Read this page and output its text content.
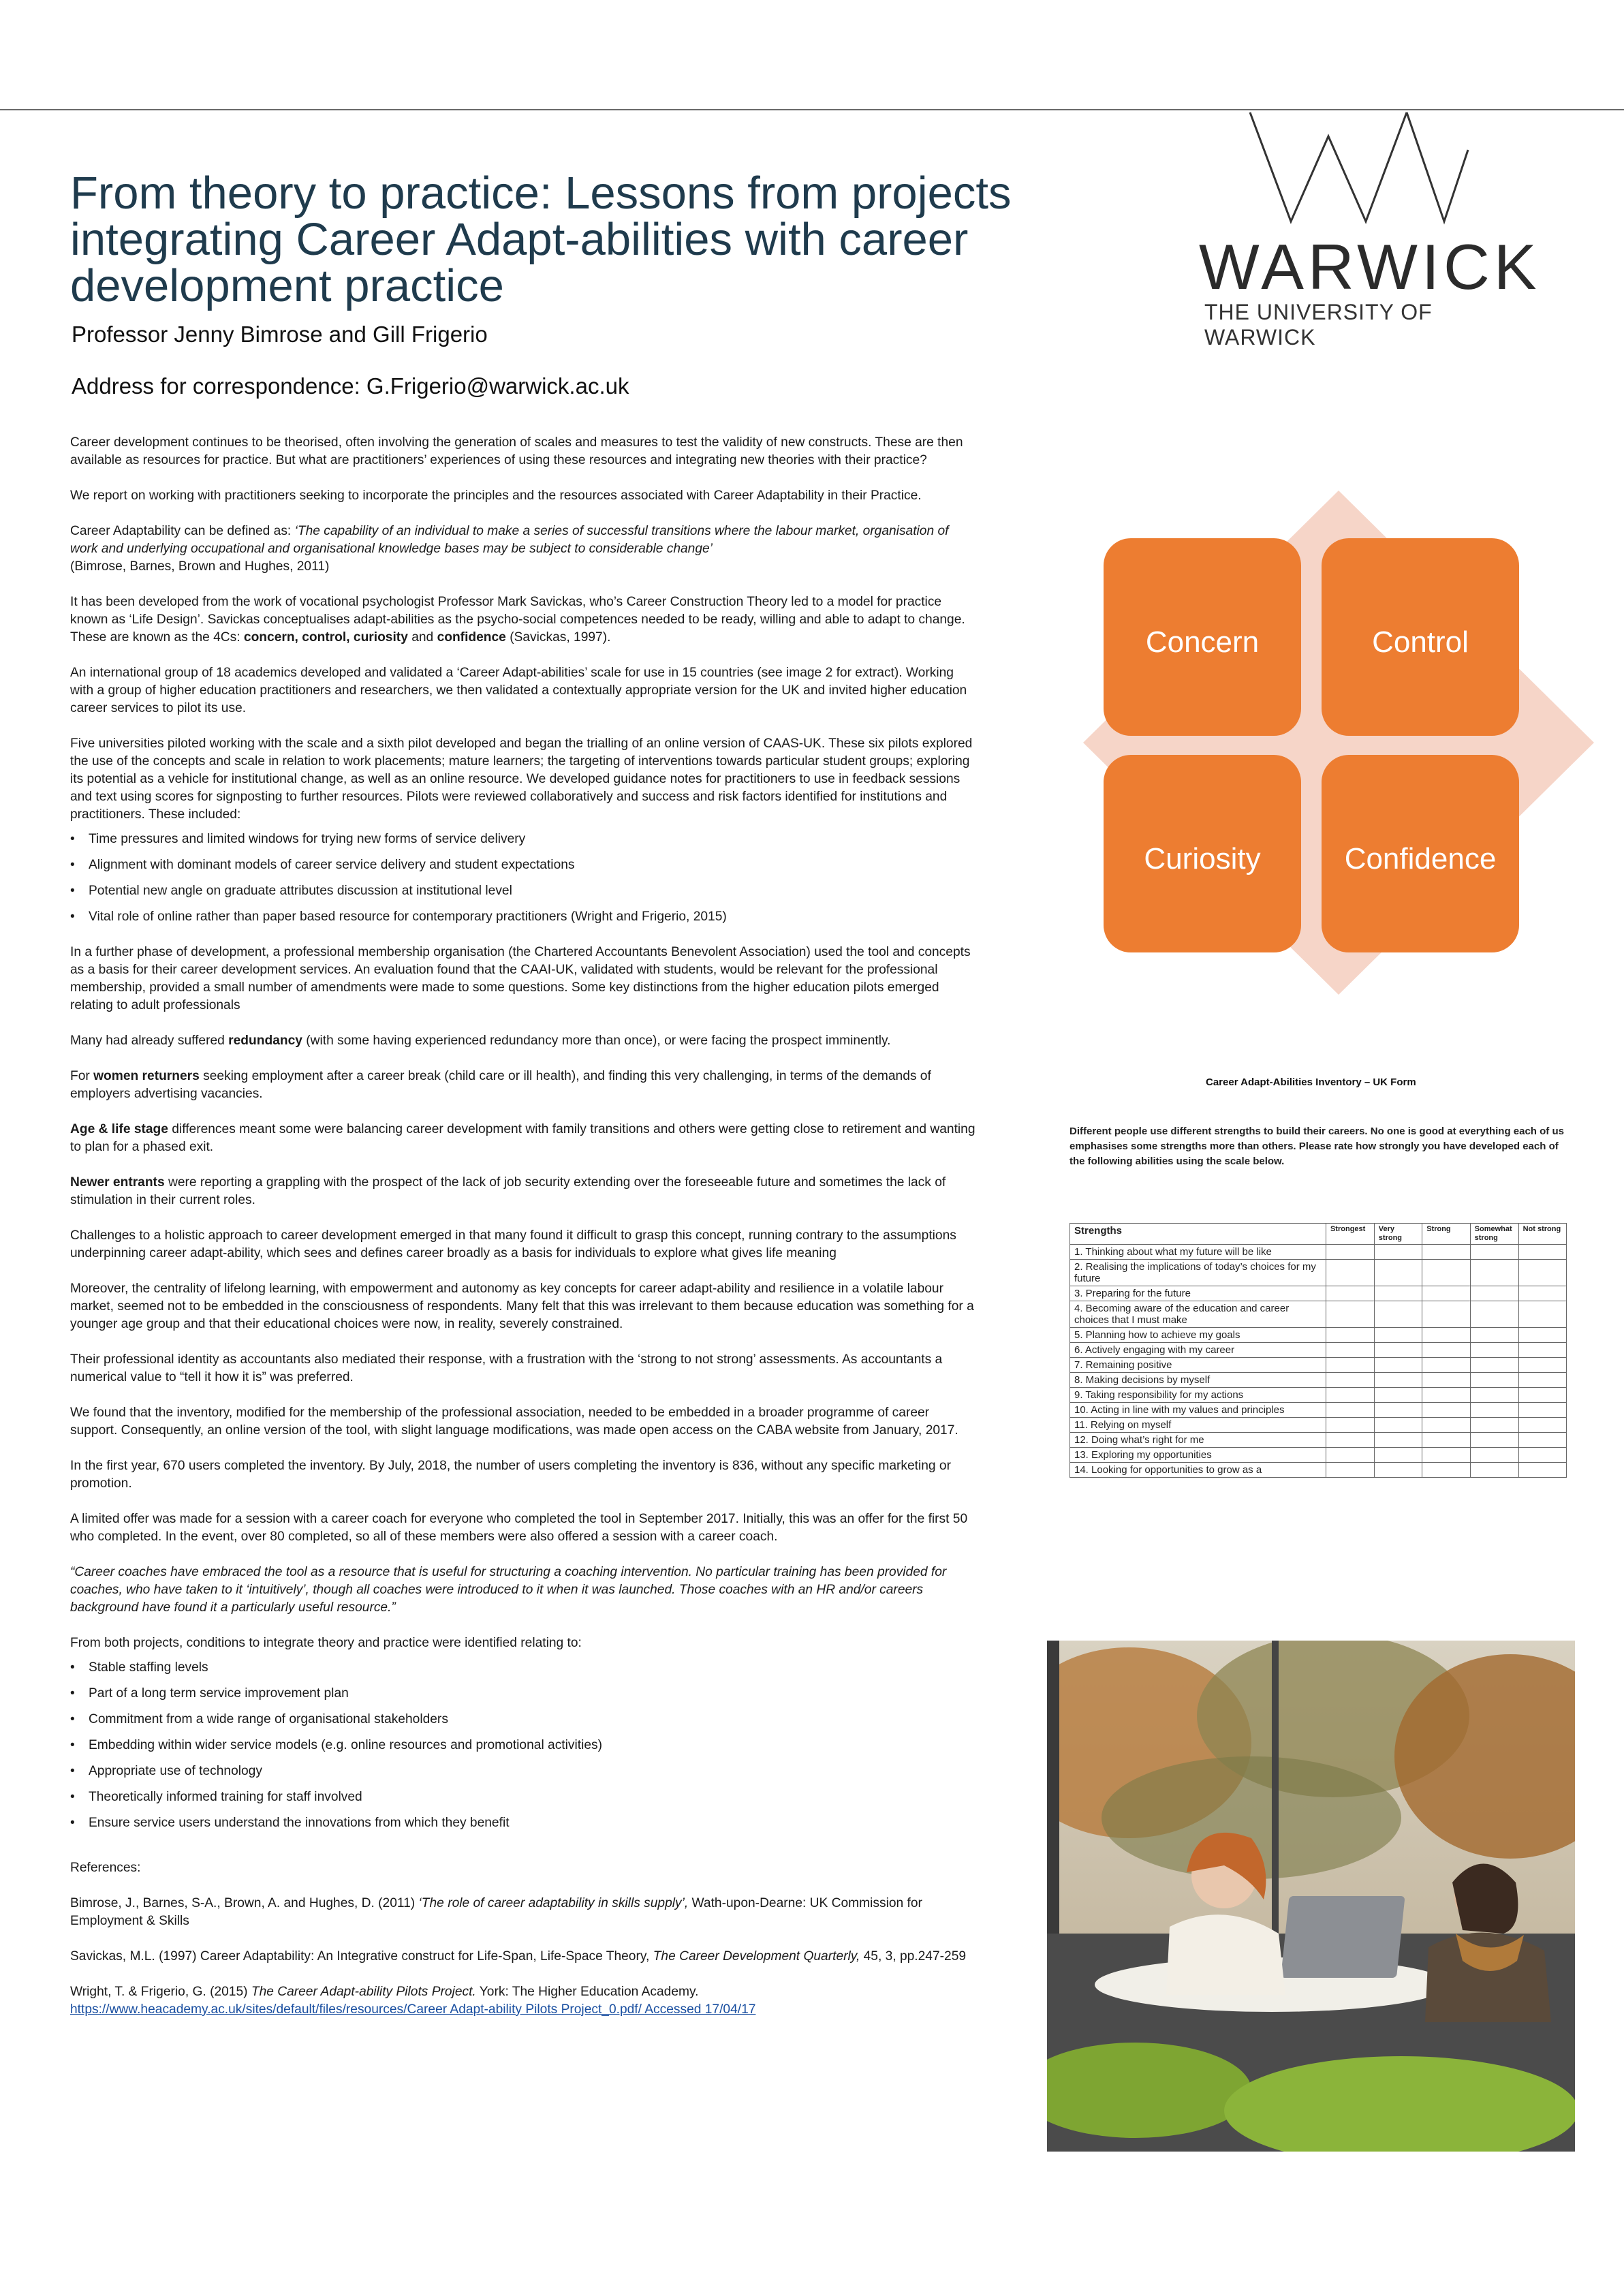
WARWICK
THE UNIVERSITY OF WARWICK
From theory to practice: Lessons from projects integrating Career Adapt-abilities with career development practice
Professor Jenny Bimrose and Gill Frigerio
Address for correspondence: G.Frigerio@warwick.ac.uk

Career development continues to be theorised, often involving the generation of scales and measures to test the validity of new constructs. These are then available as resources for practice. But what are practitioners’ experiences of using these resources and integrating new theories with their practice?

We report on working with practitioners seeking to incorporate the principles and the resources associated with Career Adaptability in their Practice.

Career Adaptability can be defined as: ‘The capability of an individual to make a series of successful transitions where the labour market, organisation of work and underlying occupational and organisational knowledge bases may be subject to considerable change’
(Bimrose, Barnes, Brown and Hughes, 2011)

It has been developed from the work of vocational psychologist Professor Mark Savickas, who’s Career Construction Theory led to a model for practice known as ‘Life Design’. Savickas conceptualises adapt-abilities as the psycho-social competences needed to be ready, willing and able to adapt to change. These are known as the 4Cs: concern, control, curiosity and confidence (Savickas, 1997).

An international group of 18 academics developed and validated a ‘Career Adapt-abilities’ scale for use in 15 countries (see image 2 for extract). Working with a group of higher education practitioners and researchers, we then validated a contextually appropriate version for the UK and invited higher education career services to pilot its use.

Five universities piloted working with the scale and a sixth pilot developed and began the trialling of an online version of CAAS-UK. These six pilots explored the use of the concepts and scale in relation to work placements; mature learners; the targeting of interventions towards particular student groups; exploring its potential as a vehicle for institutional change, as well as an online resource. We developed guidance notes for practitioners to use in feedback sessions and text using scores for signposting to further resources. Pilots were reviewed collaboratively and success and risk factors identified for institutions and practitioners. These included:

• Time pressures and limited windows for trying new forms of service delivery
• Alignment with dominant models of career service delivery and student expectations
• Potential new angle on graduate attributes discussion at institutional level
• Vital role of online rather than paper based resource for contemporary practitioners (Wright and Frigerio, 2015)

In a further phase of development, a professional membership organisation (the Chartered Accountants Benevolent Association) used the tool and concepts as a basis for their career development services. An evaluation found that the CAAI-UK, validated with students, would be relevant for the professional membership, provided a small number of amendments were made to some questions. Some key distinctions from the higher education pilots emerged relating to adult professionals

Many had already suffered redundancy (with some having experienced redundancy more than once), or were facing the prospect imminently.

For women returners seeking employment after a career break (child care or ill health), and finding this very challenging, in terms of the demands of employers advertising vacancies.

Age & life stage differences meant some were balancing career development with family transitions and others were getting close to retirement and wanting to plan for a phased exit.

Newer entrants were reporting a grappling with the prospect of the lack of job security extending over the foreseeable future and sometimes the lack of stimulation in their current roles.

Challenges to a holistic approach to career development emerged in that many found it difficult to grasp this concept, running contrary to the assumptions underpinning career adapt-ability, which sees and defines career broadly as a basis for individuals to explore what gives life meaning

Moreover, the centrality of lifelong learning, with empowerment and autonomy as key concepts for career adapt-ability and resilience in a volatile labour market, seemed not to be embedded in the consciousness of respondents. Many felt that this was irrelevant to them because education was something for a younger age group and that their educational choices were now, in reality, severely constrained.

Their professional identity as accountants also mediated their response, with a frustration with the ‘strong to not strong’ assessments. As accountants a numerical value to “tell it how it is” was preferred.

We found that the inventory, modified for the membership of the professional association, needed to be embedded in a broader programme of career support. Consequently, an online version of the tool, with slight language modifications, was made open access on the CABA website from January, 2017.

In the first year, 670 users completed the inventory. By July, 2018, the number of users completing the inventory is 836, without any specific marketing or promotion.

A limited offer was made for a session with a career coach for everyone who completed the tool in September 2017. Initially, this was an offer for the first 50 who completed. In the event, over 80 completed, so all of these members were also offered a session with a career coach.

“Career coaches have embraced the tool as a resource that is useful for structuring a coaching intervention. No particular training has been provided for coaches, who have taken to it ‘intuitively’, though all coaches were introduced to it when it was launched. Those coaches with an HR and/or careers background have found it a particularly useful resource.”

From both projects, conditions to integrate theory and practice were identified relating to:

• Stable staffing levels
• Part of a long term service improvement plan
• Commitment from a wide range of organisational stakeholders
• Embedding within wider service models (e.g. online resources and promotional activities)
• Appropriate use of technology
• Theoretically informed training for staff involved
• Ensure service users understand the innovations from which they benefit

References:

Bimrose, J., Barnes, S-A., Brown, A. and Hughes, D. (2011) ‘The role of career adaptability in skills supply’, Wath-upon-Dearne: UK Commission for Employment & Skills

Savickas, M.L. (1997) Career Adaptability: An Integrative construct for Life-Span, Life-Space Theory, The Career Development Quarterly, 45, 3, pp.247-259

Wright, T. & Frigerio, G. (2015) The Career Adapt-ability Pilots Project. York: The Higher Education Academy.
https://www.heacademy.ac.uk/sites/default/files/resources/Career Adapt-ability Pilots Project_0.pdf/ Accessed 17/04/17

Concern	Control
Curiosity	Confidence
Career Adapt-Abilities Inventory – UK Form
Different people use different strengths to build their careers. No one is good at everything each of us emphasises some strengths more than others. Please rate how strongly you have developed each of the following abilities using the scale below.
Strengths	Strongest	Very strong	Strong	Somewhat strong	Not strong
1. Thinking about what my future will be like					
2. Realising the implications of today’s choices for my future					
3. Preparing for the future					
4. Becoming aware of the education and career choices that I must make					
5. Planning how to achieve my goals					
6. Actively engaging with my career					
7. Remaining positive					
8. Making decisions by myself					
9. Taking responsibility for my actions					
10. Acting in line with my values and principles					
11. Relying on myself					
12. Doing what’s right for me					
13. Exploring my opportunities					
14. Looking for opportunities to grow as a					
